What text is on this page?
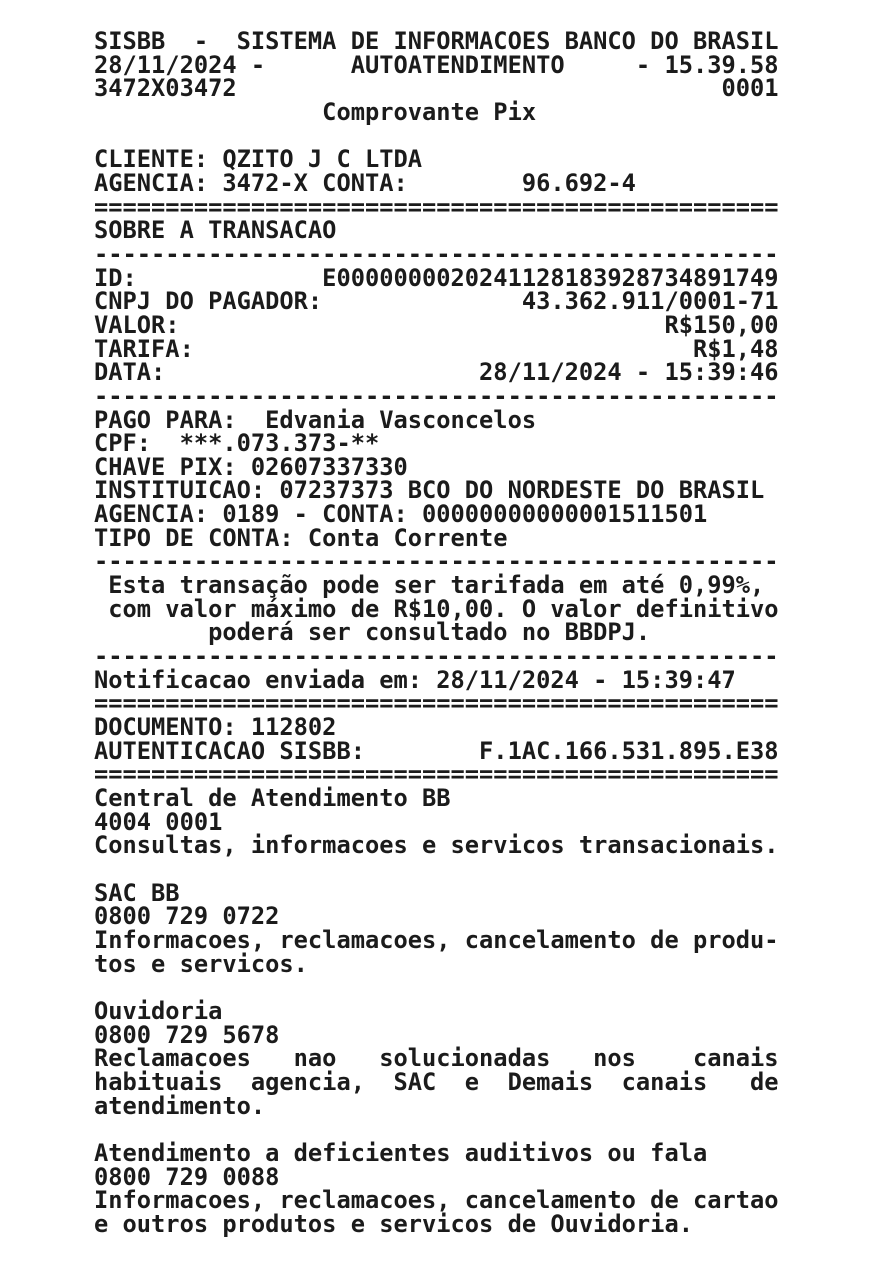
SISBB  -  SISTEMA DE INFORMACOES BANCO DO BRASIL
28/11/2024 -      AUTOATENDIMENTO     - 15.39.58
3472X03472                                  0001
Comprovante Pix
CLIENTE: QZITO J C LTDA
AGENCIA: 3472-X CONTA:        96.692-4
================================================
SOBRE A TRANSACAO
------------------------------------------------
ID:             E0000000020241128183928734891749
CNPJ DO PAGADOR:              43.362.911/0001-71
VALOR:                                  R$150,00
TARIFA:                                   R$1,48
DATA:                      28/11/2024 - 15:39:46
------------------------------------------------
PAGO PARA:  Edvania Vasconcelos
CPF:  ***.073.373-**
CHAVE PIX: 02607337330
INSTITUICAO: 07237373 BCO DO NORDESTE DO BRASIL
AGENCIA: 0189 - CONTA: 00000000000001511501
TIPO DE CONTA: Conta Corrente
------------------------------------------------
Esta transação pode ser tarifada em até 0,99%,
com valor máximo de R$10,00. O valor definitivo
poderá ser consultado no BBDPJ.
------------------------------------------------
Notificacao enviada em: 28/11/2024 - 15:39:47
================================================
DOCUMENTO: 112802
AUTENTICACAO SISBB:        F.1AC.166.531.895.E38
================================================
Central de Atendimento BB
4004 0001
Consultas, informacoes e servicos transacionais.
SAC BB
0800 729 0722
Informacoes, reclamacoes, cancelamento de produ-
tos e servicos.
Ouvidoria
0800 729 5678
Reclamacoes   nao   solucionadas   nos    canais
habituais  agencia,  SAC  e  Demais  canais   de
atendimento.
Atendimento a deficientes auditivos ou fala
0800 729 0088
Informacoes, reclamacoes, cancelamento de cartao
e outros produtos e servicos de Ouvidoria.
